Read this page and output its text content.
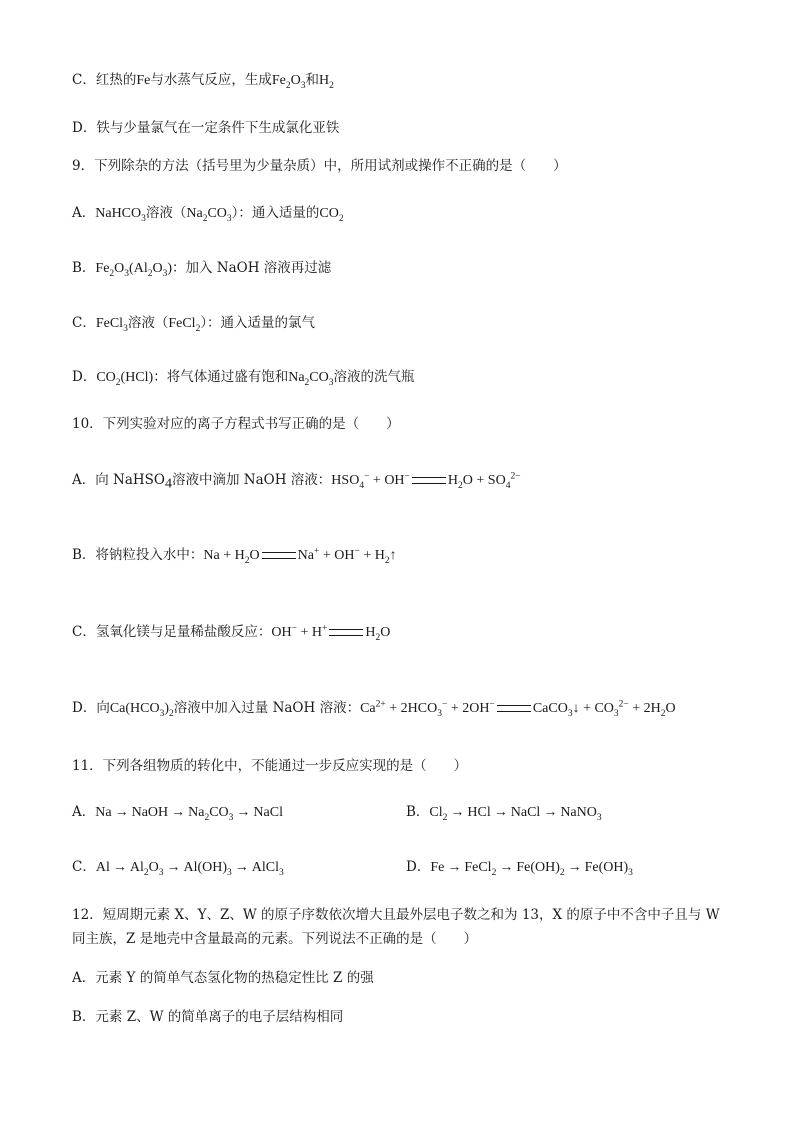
C．红热的Fe与水蒸气反应，生成$Fe_2O_3$和$H_2$
D．铁与少量氯气在一定条件下生成氯化亚铁
9．下列除杂的方法（括号里为少量杂质）中，所用试剂或操作不正确的是（　　）
A．NaHCO$_3$溶液$(Na_2CO_3)$：通入适量的$CO_2$
B．$Fe_2O_3(Al_2O_3)$：加入 NaOH 溶液再过滤
C．FeCl$_3$溶液（FeCl$_2$）：通入适量的氯气
D．$CO_2(HCl)$：将气体通过盛有饱和$Na_2CO_3$溶液的洗气瓶
10．下列实验对应的离子方程式书写正确的是（　　）
A．向 NaHSO$_4$溶液中滴加 NaOH 溶液：$HSO_4^- + OH^-$	$H_2O + SO_4^{2-}$
B．将钠粒投入水中：$Na + H_2O$	$Na^+ + OH^- + H_2↑$
C．氢氧化镁与足量稀盐酸反应：OH− + H+	$H_2O$
D．向$Ca(HCO_3)_2$溶液中加入过量 NaOH 溶液：$Ca^{2+} + 2HCO_3^- + 2OH^-$	CaCO$_3$↓ + $CO_3^{2-} + 2H_2O$
11．下列各组物质的转化中，不能通过一步反应实现的是（　　）
A．Na → NaOH → $Na_2CO_3$ → NaCl	B．$Cl_2$ → HCl → NaCl → NaNO$_3$
C．$Al \to Al_2O_3 \to Al(OH)_3$ → AlCl$_3$	D．Fe → FeCl$_2$ → $Fe(OH)_2 \to Fe(OH)_3$
12．短周期元素 X、Y、Z、W 的原子序数依次增大且最外层电子数之和为 13，X 的原子中不含中子且与 W
同主族，Z 是地壳中含量最高的元素。下列说法不正确的是（　　）
A．元素 Y 的简单气态氢化物的热稳定性比 Z 的强
B．元素 Z、W 的简单离子的电子层结构相同
